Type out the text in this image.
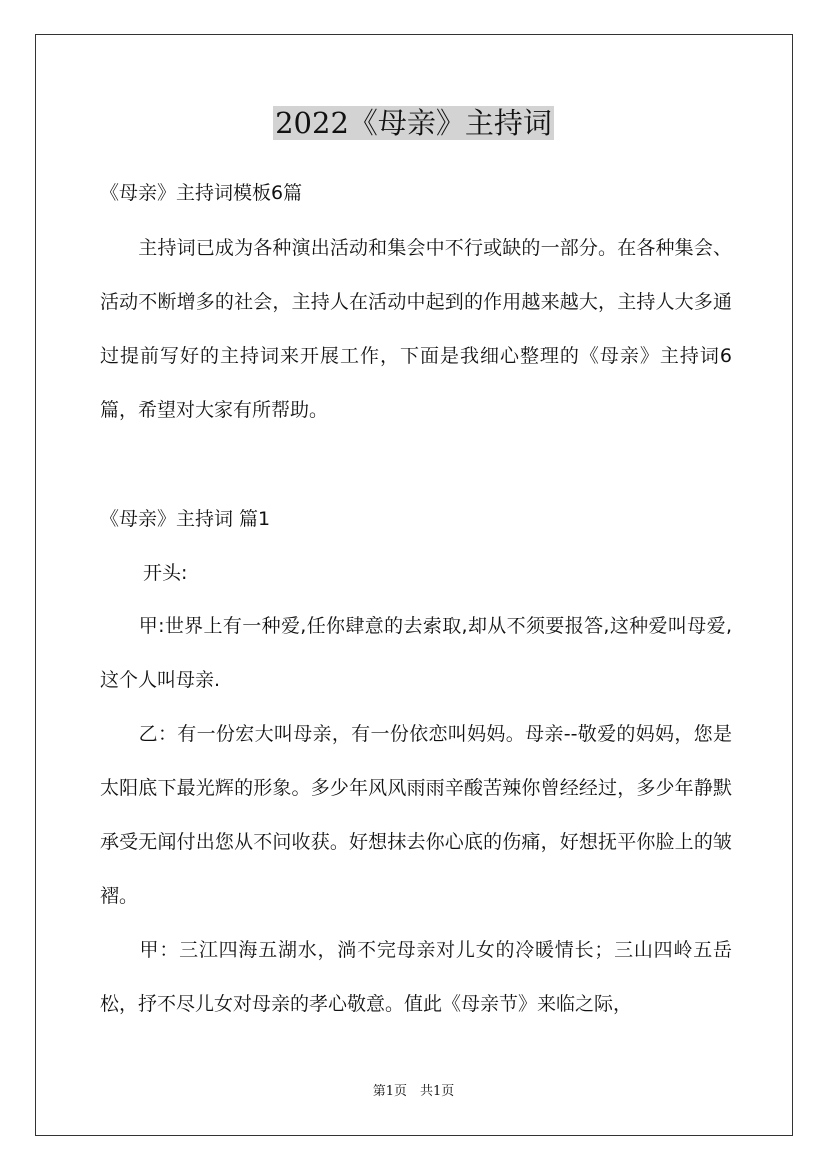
2022《母亲》主持词
《母亲》主持词模板6篇
　　主持词已成为各种演出活动和集会中不行或缺的一部分。在各种集会、活动不断增多的社会，主持人在活动中起到的作用越来越大，主持人大多通过提前写好的主持词来开展工作，下面是我细心整理的《母亲》主持词6篇，希望对大家有所帮助。
《母亲》主持词 篇1
开头:
　　甲:世界上有一种爱,任你肆意的去索取,却从不须要报答,这种爱叫母爱,这个人叫母亲.
　　乙：有一份宏大叫母亲，有一份依恋叫妈妈。母亲--敬爱的妈妈，您是太阳底下最光辉的形象。多少年风风雨雨辛酸苦辣你曾经经过，多少年静默承受无闻付出您从不问收获。好想抹去你心底的伤痛，好想抚平你脸上的皱褶。
　　甲：三江四海五湖水，淌不完母亲对儿女的冷暖情长；三山四岭五岳松，抒不尽儿女对母亲的孝心敬意。值此《母亲节》来临之际，
第1页　共1页
